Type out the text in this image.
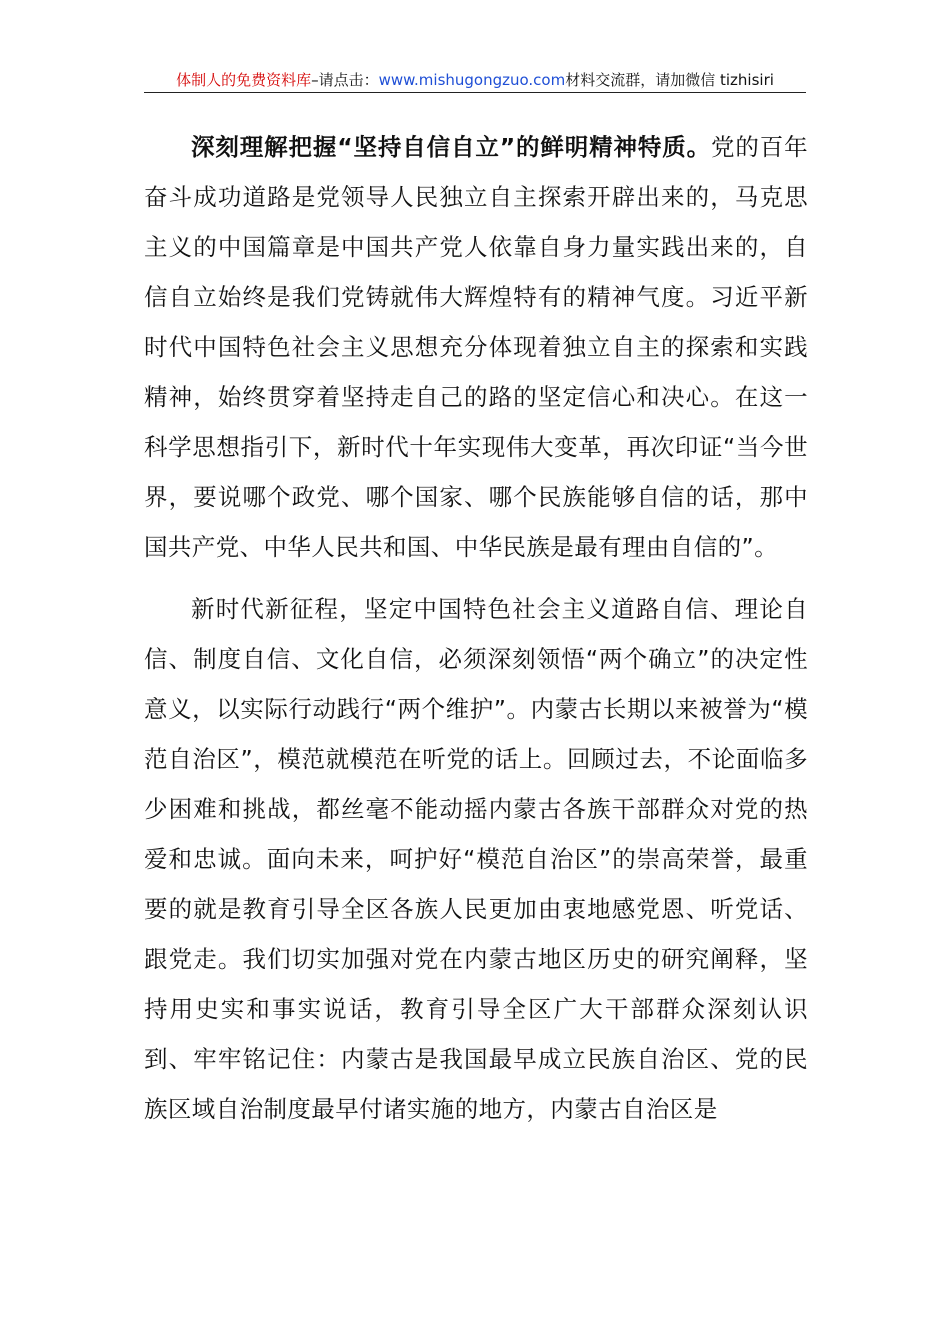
体制人的免费资料库–请点击：www.mishugongzuo.com材料交流群，请加微信 tizhisiri

深刻理解把握“坚持自信自立”的鲜明精神特质。党的百年奋斗成功道路是党领导人民独立自主探索开辟出来的，马克思主义的中国篇章是中国共产党人依靠自身力量实践出来的，自信自立始终是我们党铸就伟大辉煌特有的精神气度。习近平新时代中国特色社会主义思想充分体现着独立自主的探索和实践精神，始终贯穿着坚持走自己的路的坚定信心和决心。在这一科学思想指引下，新时代十年实现伟大变革，再次印证“当今世界，要说哪个政党、哪个国家、哪个民族能够自信的话，那中国共产党、中华人民共和国、中华民族是最有理由自信的”。

新时代新征程，坚定中国特色社会主义道路自信、理论自信、制度自信、文化自信，必须深刻领悟“两个确立”的决定性意义，以实际行动践行“两个维护”。内蒙古长期以来被誉为“模范自治区”，模范就模范在听党的话上。回顾过去，不论面临多少困难和挑战，都丝毫不能动摇内蒙古各族干部群众对党的热爱和忠诚。面向未来，呵护好“模范自治区”的崇高荣誉，最重要的就是教育引导全区各族人民更加由衷地感党恩、听党话、跟党走。我们切实加强对党在内蒙古地区历史的研究阐释，坚持用史实和事实说话，教育引导全区广大干部群众深刻认识到、牢牢铭记住：内蒙古是我国最早成立民族自治区、党的民族区域自治制度最早付诸实施的地方，内蒙古自治区是
